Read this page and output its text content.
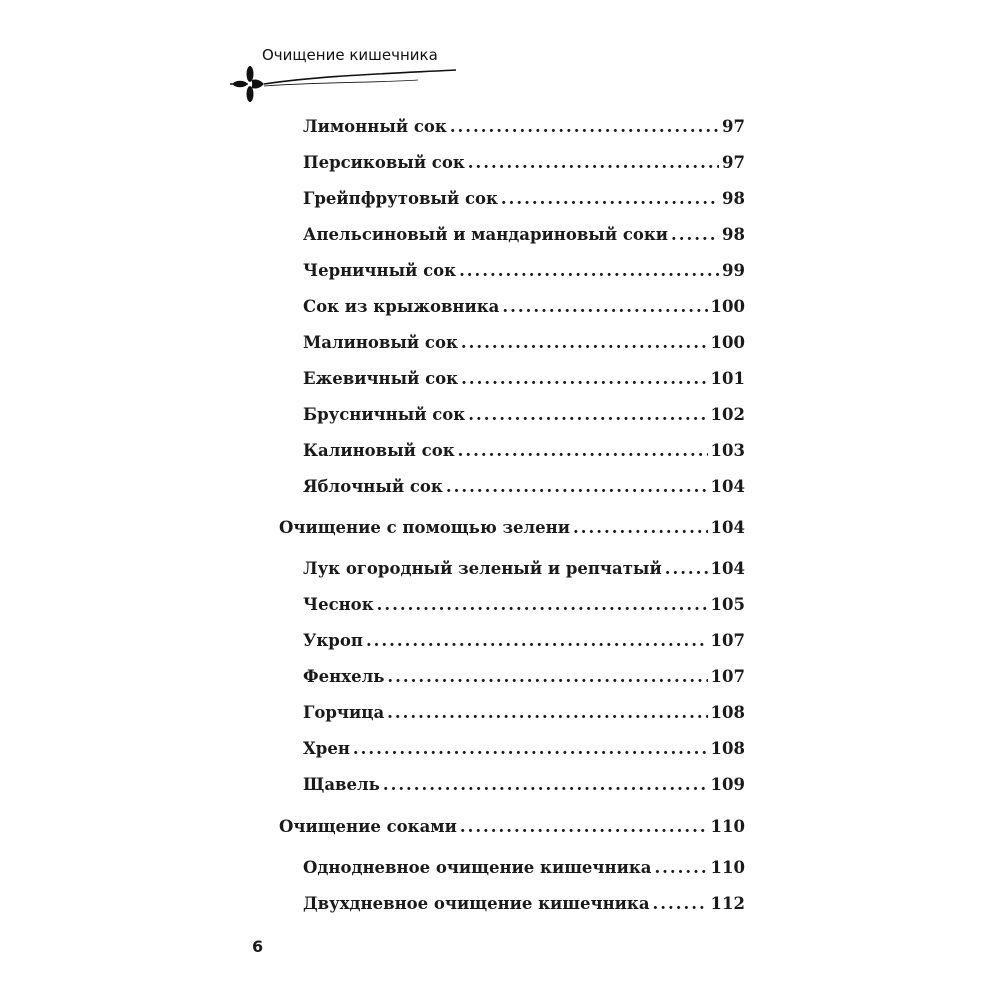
Очищение кишечника
Лимонный сок .....	97
Персиковый сок .....	97
Грейпфрутовый сок .....	98
Апельсиновый и мандариновый соки .....	98
Черничный сок .....	99
Сок из крыжовника .....	100
Малиновый сок .....	100
Ежевичный сок .....	101
Брусничный сок .....	102
Калиновый сок .....	103
Яблочный сок .....	104
Очищение с помощью зелени .....	104
Лук огородный зеленый и репчатый .....	104
Чеснок .....	105
Укроп .....	107
Фенхель .....	107
Горчица .....	108
Хрен .....	108
Щавель .....	109
Очищение соками .....	110
Однодневное очищение кишечника .....	110
Двухдневное очищение кишечника .....	112
6
